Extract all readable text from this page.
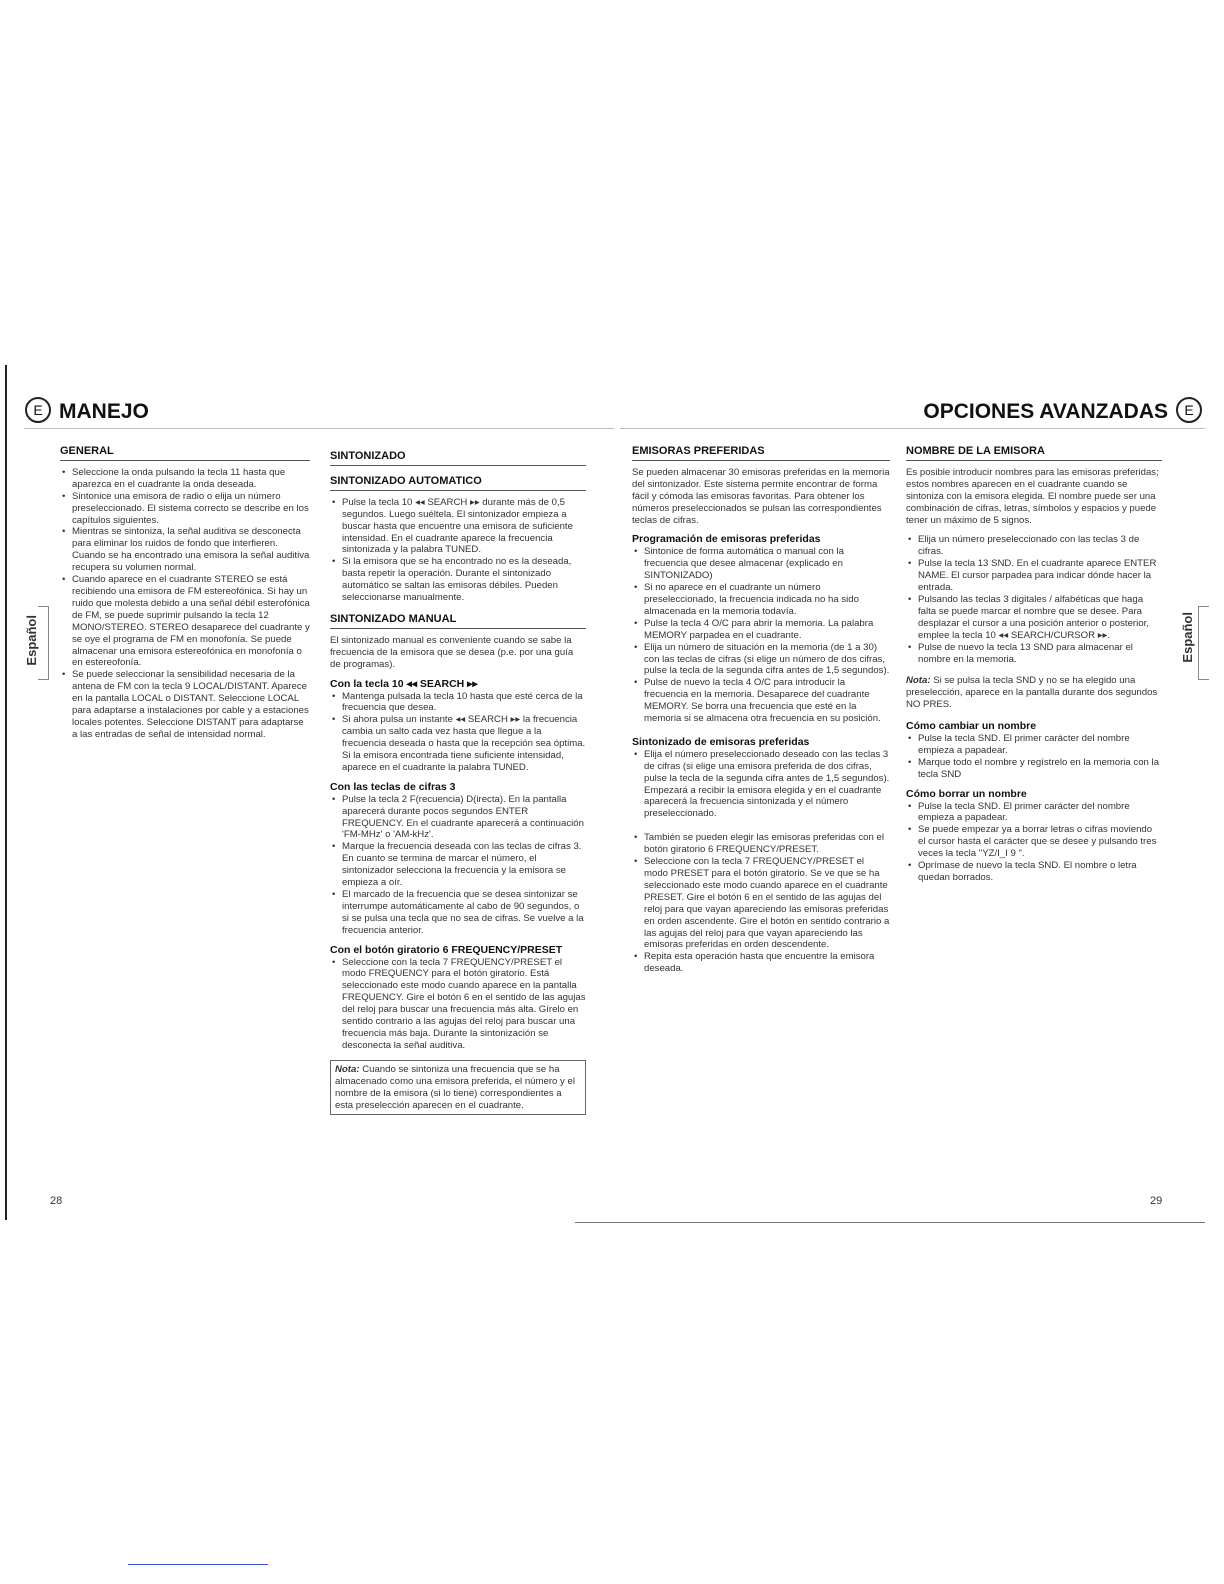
E MANEJO
Español
GENERAL
• Seleccione la onda pulsando la tecla 11 hasta que aparezca en el cuadrante la onda deseada.
• Sintonice una emisora de radio o elija un número preseleccionado. El sistema correcto se describe en los capítulos siguientes.
• Mientras se sintoniza, la señal auditiva se desconecta para eliminar los ruidos de fondo que interfieren. Cuando se ha encontrado una emisora la señal auditiva recupera su volumen normal.
• Cuando aparece en el cuadrante STEREO se está recibiendo una emisora de FM estereofónica. Si hay un ruido que molesta debido a una señal débil esterofónica de FM, se puede suprimir pulsando la tecla 12 MONO/STEREO. STEREO desaparece del cuadrante y se oye el programa de FM en monofonía. Se puede almacenar una emisora estereofónica en monofonía o en estereofonía.
• Se puede seleccionar la sensibilidad necesaria de la antena de FM con la tecla 9 LOCAL/DISTANT. Aparece en la pantalla LOCAL o DISTANT. Seleccione LOCAL para adaptarse a instalaciones por cable y a estaciones locales potentes. Seleccione DISTANT para adaptarse a las entradas de señal de intensidad normal.
SINTONIZADO
SINTONIZADO AUTOMATICO
• Pulse la tecla 10 ◂◂ SEARCH ▸▸ durante más de 0,5 segundos. Luego suéltela. El sintonizador empieza a buscar hasta que encuentre una emisora de suficiente intensidad. En el cuadrante aparece la frecuencia sintonizada y la palabra TUNED.
• Si la emisora que se ha encontrado no es la deseada, basta repetir la operación. Durante el sintonizado automático se saltan las emisoras débiles. Pueden seleccionarse manualmente.
SINTONIZADO MANUAL

El sintonizado manual es conveniente cuando se sabe la frecuencia de la emisora que se desea (p.e. por una guía de programas).

Con la tecla 10 ◂◂ SEARCH ▸▸
• Mantenga pulsada la tecla 10 hasta que esté cerca de la frecuencia que desea.
• Si ahora pulsa un instante ◂◂ SEARCH ▸▸ la frecuencia cambia un salto cada vez hasta que llegue a la frecuencia deseada o hasta que la recepción sea óptima. Si la emisora encontrada tiene suficiente intensidad, aparece en el cuadrante la palabra TUNED.
Con las teclas de cifras 3
• Pulse la tecla 2 F(recuencia) D(irecta). En la pantalla aparecerá durante pocos segundos ENTER FREQUENCY. En el cuadrante aparecerá a continuación 'FM-MHz' o 'AM-kHz'.
• Marque la frecuencia deseada con las teclas de cifras 3. En cuanto se termina de marcar el número, el sintonizador selecciona la frecuencia y la emisora se empieza a oír.
• El marcado de la frecuencia que se desea sintonizar se interrumpe automáticamente al cabo de 90 segundos, o si se pulsa una tecla que no sea de cifras. Se vuelve a la frecuencia anterior.
Con el botón giratorio 6 FREQUENCY/PRESET
• Seleccione con la tecla 7 FREQUENCY/PRESET el modo FREQUENCY para el botón giratorio. Está seleccionado este modo cuando aparece en la pantalla FREQUENCY. Gire el botón 6 en el sentido de las agujas del reloj para buscar una frecuencia más alta. Gírelo en sentido contrario a las agujas del reloj para buscar una frecuencia más baja. Durante la sintonización se desconecta la señal auditiva.
Nota: Cuando se sintoniza una frecuencia que se ha almacenado como una emisora preferida, el número y el nombre de la emisora (si lo tiene) correspondientes a esta preselección aparecen en el cuadrante.
28
OPCIONES AVANZADAS E
Español
EMISORAS PREFERIDAS

Se pueden almacenar 30 emisoras preferidas en la memoria del sintonizador. Este sistema permite encontrar de forma fácil y cómoda las emisoras favoritas. Para obtener los números preseleccionados se pulsan las correspondientes teclas de cifras.

Programación de emisoras preferidas
• Sintonice de forma automática o manual con la frecuencia que desee almacenar (explicado en SINTONIZADO)
• Si no aparece en el cuadrante un número preseleccionado, la frecuencia indicada no ha sido almacenada en la memoria todavía.
• Pulse la tecla 4 O/C para abrir la memoria. La palabra MEMORY parpadea en el cuadrante.
• Elija un número de situación en la memoria (de 1 a 30) con las teclas de cifras (si elige un número de dos cifras, pulse la tecla de la segunda cifra antes de 1,5 segundos).
• Pulse de nuevo la tecla 4 O/C para introducir la frecuencia en la memoria. Desaparece del cuadrante MEMORY. Se borra una frecuencia que esté en la memoria si se almacena otra frecuencia en su posición.
Sintonizado de emisoras preferidas
• Elija el número preseleccionado deseado con las teclas 3 de cifras (si elige una emisora preferida de dos cifras, pulse la tecla de la segunda cifra antes de 1,5 segundos). Empezará a recibir la emisora elegida y en el cuadrante aparecerá la frecuencia sintonizada y el número preseleccionado.
• También se pueden elegir las emisoras preferidas con el botón giratorio 6 FREQUENCY/PRESET.
• Seleccione con la tecla 7 FREQUENCY/PRESET el modo PRESET para el botón giratorio. Se ve que se ha seleccionado este modo cuando aparece en el cuadrante PRESET. Gire el botón 6 en el sentido de las agujas del reloj para que vayan apareciendo las emisoras preferidas en orden ascendente. Gire el botón en sentido contrario a las agujas del reloj para que vayan apareciendo las emisoras preferidas en orden descendente.
• Repita esta operación hasta que encuentre la emisora deseada.
NOMBRE DE LA EMISORA

Es posible introducir nombres para las emisoras preferidas; estos nombres aparecen en el cuadrante cuando se sintoniza con la emisora elegida. El nombre puede ser una combinación de cifras, letras, símbolos y espacios y puede tener un máximo de 5 signos.

• Elija un número preseleccionado con las teclas 3 de cifras.
• Pulse la tecla 13 SND. En el cuadrante aparece ENTER NAME. El cursor parpadea para indicar dónde hacer la entrada.
• Pulsando las teclas 3 digitales / alfabéticas que haga falta se puede marcar el nombre que se desee. Para desplazar el cursor a una posición anterior o posterior, emplee la tecla 10 ◂◂ SEARCH/CURSOR ▸▸.
• Pulse de nuevo la tecla 13 SND para almacenar el nombre en la memoria.

Nota: Si se pulsa la tecla SND y no se ha elegido una preselección, aparece en la pantalla durante dos segundos NO PRES.

Cómo cambiar un nombre
• Pulse la tecla SND. El primer carácter del nombre empieza a papadear.
• Marque todo el nombre y regístrelo en la memoria con la tecla SND
Cómo borrar un nombre
• Pulse la tecla SND. El primer carácter del nombre empieza a papadear.
• Se puede empezar ya a borrar letras o cifras moviendo el cursor hasta el carácter que se desee y pulsando tres veces la tecla "YZ/I_I 9 ".
• Oprímase de nuevo la tecla SND. El nombre o letra quedan borrados.
29
